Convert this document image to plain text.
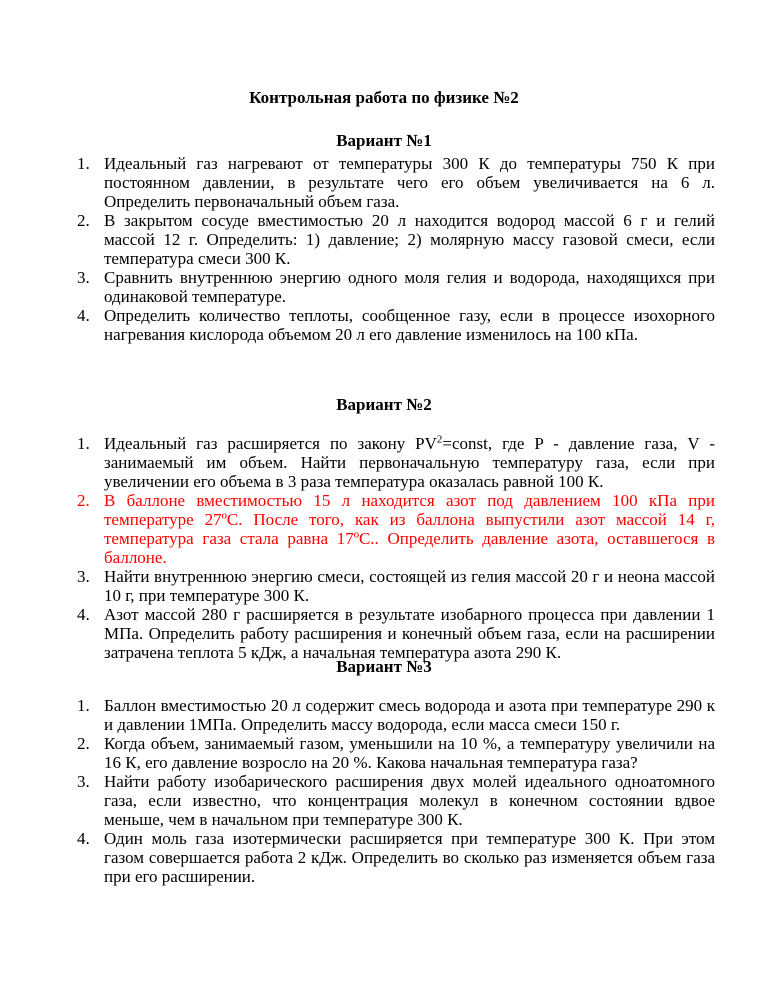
Контрольная работа по физике №2
Вариант №1
1. Идеальный газ нагревают от температуры 300 К до температуры 750 К при постоянном давлении, в результате чего его объем увеличивается на 6 л. Определить первоначальный объем газа.
2. В закрытом сосуде вместимостью 20 л находится водород массой 6 г и гелий массой 12 г. Определить: 1) давление; 2) молярную массу газовой смеси, если температура смеси 300 К.
3. Сравнить внутреннюю энергию одного моля гелия и водорода, находящихся при одинаковой температуре.
4. Определить количество теплоты, сообщенное газу, если в процессе изохорного нагревания кислорода объемом 20 л его давление изменилось на 100 кПа.
Вариант №2
1. Идеальный газ расширяется по закону $PV^2=const$, где P - давление газа, V - занимаемый им объем. Найти первоначальную температуру газа, если при увеличении его объема в 3 раза температура оказалась равной 100 К.
2. В баллоне вместимостью 15 л находится азот под давлением 100 кПа при температуре 27ºС. После того, как из баллона выпустили азот массой 14 г, температура газа стала равна 17ºС.. Определить давление азота, оставшегося в баллоне.
3. Найти внутреннюю энергию смеси, состоящей из гелия массой 20 г и неона массой 10 г, при температуре 300 К.
4. Азот массой 280 г расширяется в результате изобарного процесса при давлении 1 МПа. Определить работу расширения и конечный объем газа, если на расширении затрачена теплота 5 кДж, а начальная температура азота 290 К.
Вариант №3
1. Баллон вместимостью 20 л содержит смесь водорода и азота при температуре 290 к и давлении 1МПа. Определить массу водорода, если масса смеси 150 г.
2. Когда объем, занимаемый газом, уменьшили на 10 %, а температуру увеличили на 16 К, его давление возросло на 20 %. Какова начальная температура газа?
3. Найти работу изобарического расширения двух молей идеального одноатомного газа, если известно, что концентрация молекул в конечном состоянии вдвое меньше, чем в начальном при температуре 300 К.
4. Один моль газа изотермически расширяется при температуре 300 К. При этом газом совершается работа 2 кДж. Определить во сколько раз изменяется объем газа при его расширении.
